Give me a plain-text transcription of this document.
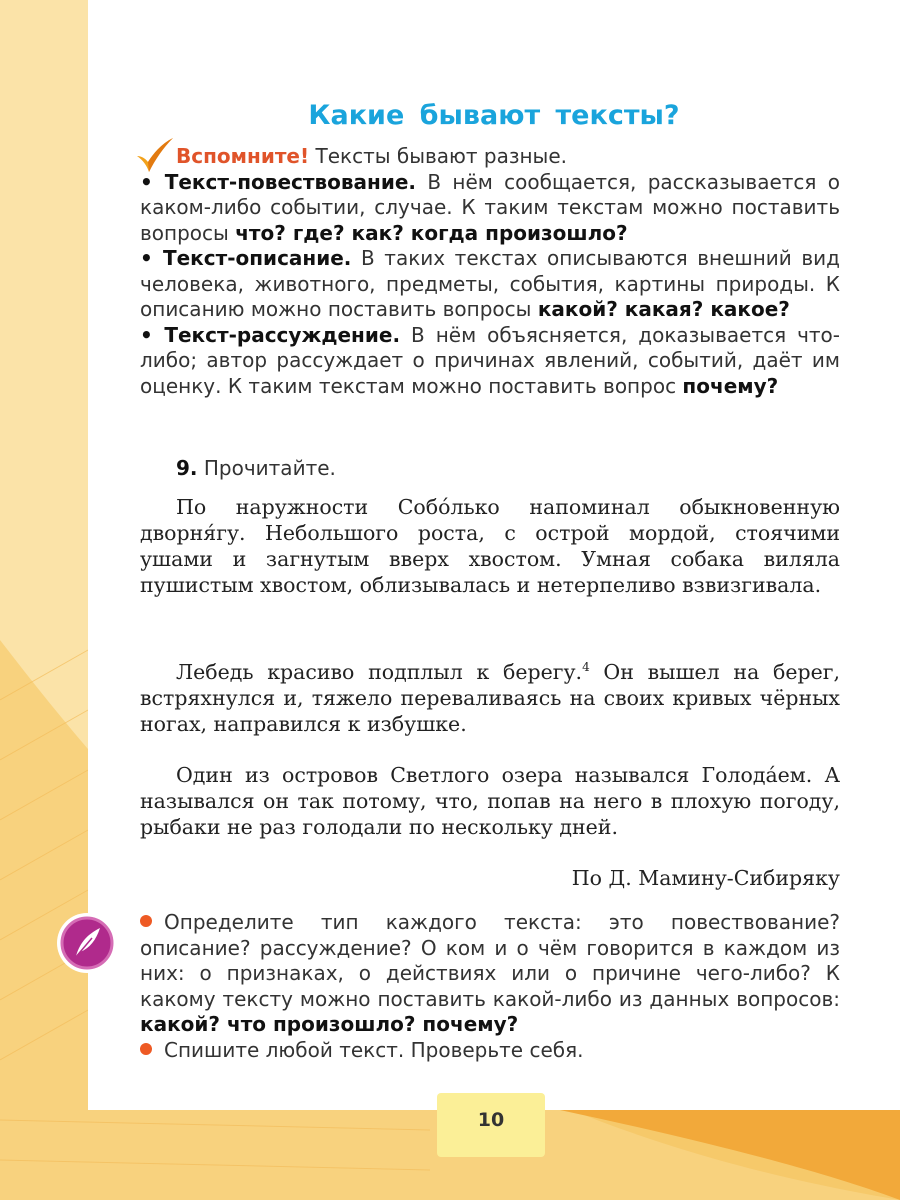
Какие бывают тексты?

Вспомните! Тексты бывают разные.

• Текст-повествование. В нём сообщается, рассказывается о каком-либо событии, случае. К таким текстам можно поставить вопросы что? где? как? когда произошло?

• Текст-описание. В таких текстах описываются внешний вид человека, животного, предметы, события, картины природы. К описанию можно поставить вопросы какой? какая? какое?

• Текст-рассуждение. В нём объясняется, доказывается что-либо; автор рассуждает о причинах явлений, событий, даёт им оценку. К таким текстам можно поставить вопрос почему?

9. Прочитайте.

По наружности Собóлько напоминал обыкновенную дворня́гу. Небольшого роста, с острой мордой, стоячими ушами и загнутым вверх хвостом. Умная собака виляла пушистым хвостом, облизывалась и нетерпеливо взвизгивала.

Лебедь красиво подплыл к берегу.$^4$ Он вышел на берег, встряхнулся и, тяжело переваливаясь на своих кривых чёрных ногах, направился к избушке.

Один из островов Светлого озера назывался Голода́ем. А назывался он так потому, что, попав на него в плохую погоду, рыбаки не раз голодали по нескольку дней.

По Д. Мамину-Сибиряку

Определите тип каждого текста: это повествование? описание? рассуждение? О ком и о чём говорится в каждом из них: о признаках, о действиях или о причине чего-либо? К какому тексту можно поставить какой-либо из данных вопросов: какой? что произошло? почему?

Спишите любой текст. Проверьте себя.

10
